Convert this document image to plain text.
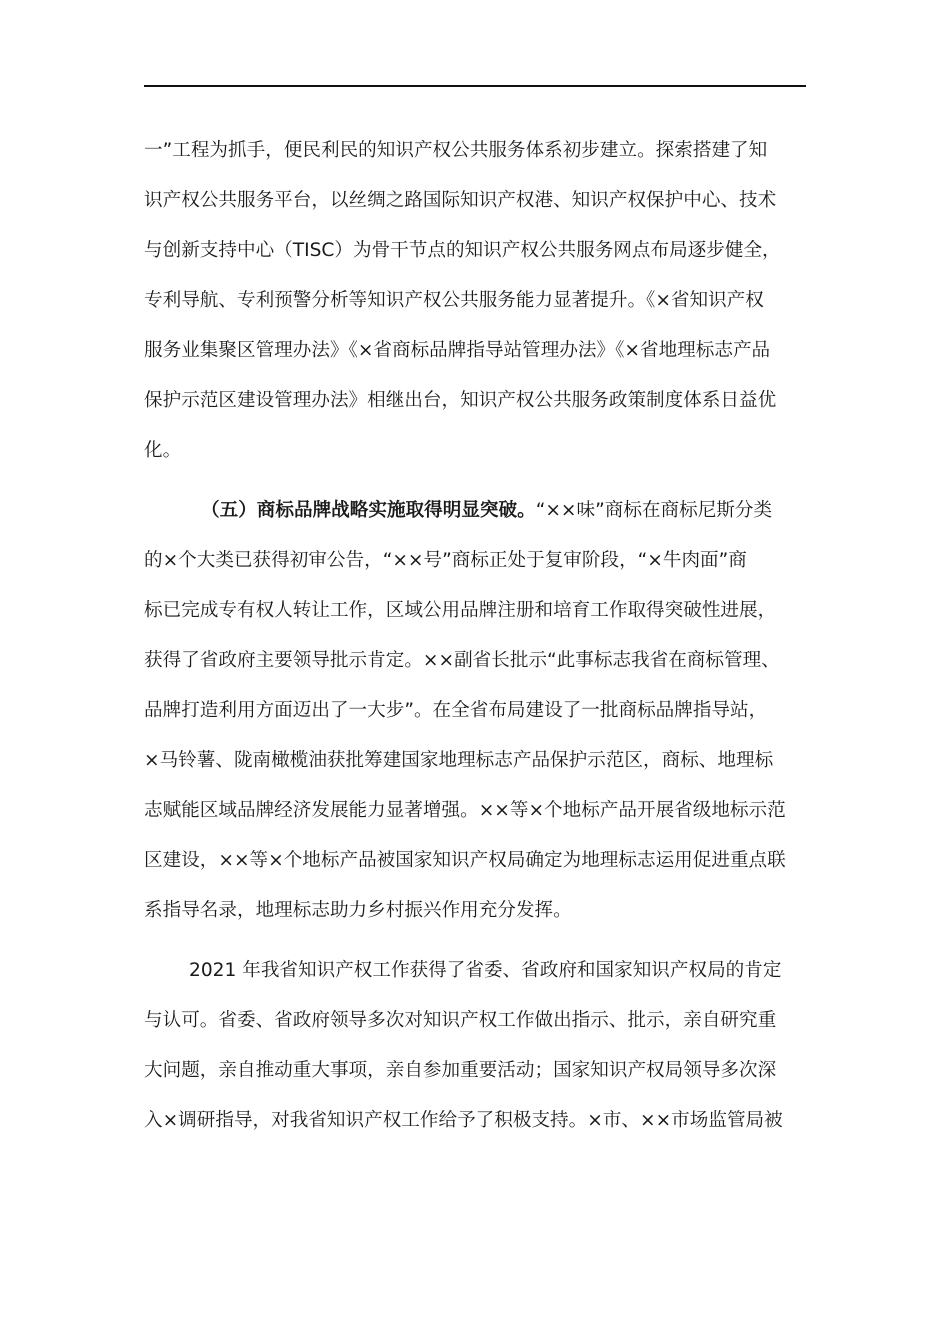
一”工程为抓手，便民利民的知识产权公共服务体系初步建立。探索搭建了知
识产权公共服务平台，以丝绸之路国际知识产权港、知识产权保护中心、技术
与创新支持中心（TISC）为骨干节点的知识产权公共服务网点布局逐步健全，
专利导航、专利预警分析等知识产权公共服务能力显著提升。《×省知识产权
服务业集聚区管理办法》《×省商标品牌指导站管理办法》《×省地理标志产品
保护示范区建设管理办法》相继出台，知识产权公共服务政策制度体系日益优
化。
（五）商标品牌战略实施取得明显突破。“××味”商标在商标尼斯分类
的×个大类已获得初审公告，“××号”商标正处于复审阶段，“×牛肉面”商
标已完成专有权人转让工作，区域公用品牌注册和培育工作取得突破性进展，
获得了省政府主要领导批示肯定。××副省长批示“此事标志我省在商标管理、
品牌打造利用方面迈出了一大步”。在全省布局建设了一批商标品牌指导站，
×马铃薯、陇南橄榄油获批筹建国家地理标志产品保护示范区，商标、地理标
志赋能区域品牌经济发展能力显著增强。××等×个地标产品开展省级地标示范
区建设，××等×个地标产品被国家知识产权局确定为地理标志运用促进重点联
系指导名录，地理标志助力乡村振兴作用充分发挥。
2021 年我省知识产权工作获得了省委、省政府和国家知识产权局的肯定
与认可。省委、省政府领导多次对知识产权工作做出指示、批示，亲自研究重
大问题，亲自推动重大事项，亲自参加重要活动；国家知识产权局领导多次深
入×调研指导，对我省知识产权工作给予了积极支持。×市、××市场监管局被
